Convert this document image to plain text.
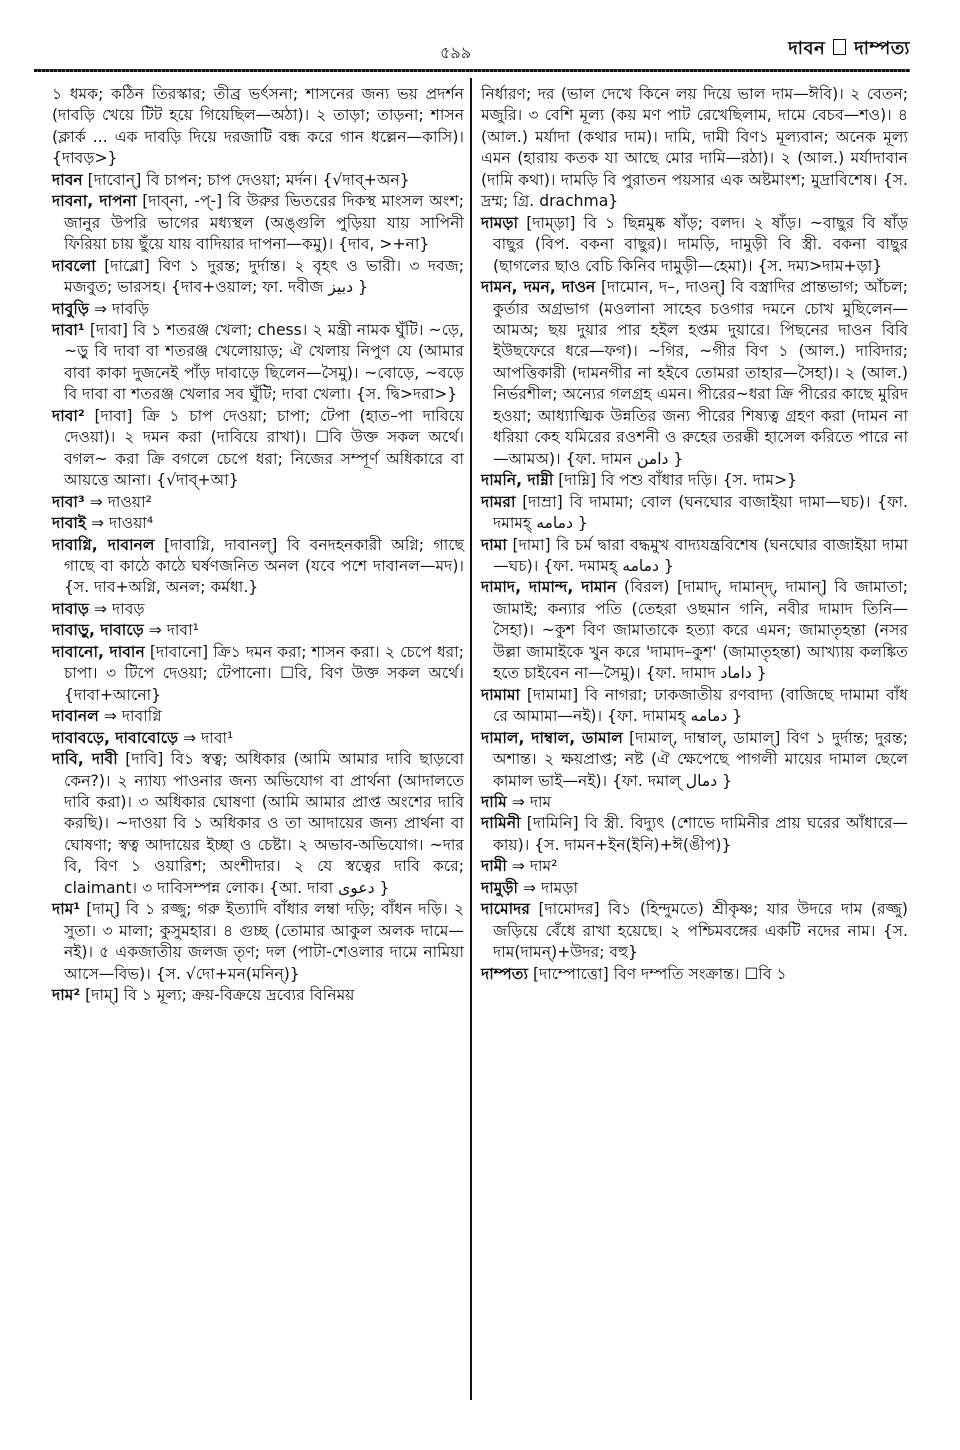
৫৯৯	দাবন দাম্পত্য

১ ধমক; কঠিন তিরস্কার; তীব্র ভর্ৎসনা; শাসনের জন্য ভয় প্রদর্শন (দাবড়ি খেয়ে টিট হয়ে গিয়েছিল—অঠা)। ২ তাড়া; তাড়না; শাসন (ক্লার্ক ... এক দাবড়ি দিয়ে দরজাটি বন্ধ করে গান ধল্লেন—কাসি)। {দাবড়>}

দাবন [দাবোন্] বি চাপন; চাপ দেওয়া; মর্দন। {√দাব্+অন}

দাবনা, দাপনা [দাব্না, -প্-] বি উরুর ভিতরের দিকস্থ মাংসল অংশ; জানুর উপরি ভাগের মধ্যস্থল (অঙ্গুলি পুড়িয়া যায় সাপিনী ফিরিয়া চায় ছুঁয়ে যায় বাদিয়ার দাপনা—কমু)। {দাব, >+না}

দাবলো [দাব্লো] বিণ ১ দুরন্ত; দুর্দান্ত। ২ বৃহৎ ও ভারী। ৩ দবজ; মজবুত; ভারসহ। {দাব+ওয়াল; ফা. দবীজ دبیز }

দাবুড়ি ⇒ দাবড়ি

দাবা¹ [দাবা] বি ১ শতরঞ্জ খেলা; chess। ২ মন্ত্রী নামক ঘুঁটি। ~ড়ে, ~ড়ু বি দাবা বা শতরঞ্জ খেলোয়াড়; ঐ খেলায় নিপুণ যে (আমার বাবা কাকা দুজনেই পাঁড় দাবাড়ে ছিলেন—সৈমু)। ~বোড়ে, ~বড়ে বি দাবা বা শতরঞ্জ খেলার সব ঘুঁটি; দাবা খেলা। {স. দ্বি>দরা>}

দাবা² [দাবা] ক্রি ১ চাপ দেওয়া; চাপা; টেপা (হাত–পা দাবিয়ে দেওয়া)। ২ দমন করা (দাবিয়ে রাখা)। ☐বি উক্ত সকল অর্থে। বগল~ করা ক্রি বগলে চেপে ধরা; নিজের সম্পূর্ণ অধিকারে বা আয়ত্তে আনা। {√দাব্+আ}

দাবা³ ⇒ দাওয়া²

দাবাই ⇒ দাওয়া⁴

দাবাগ্নি, দাবানল [দাবাগ্নি, দাবানল্] বি বনদহনকারী অগ্নি; গাছে গাছে বা কাঠে কাঠে ঘর্ষণজনিত অনল (যবে পশে দাবানল—মদ)। {স. দাব+অগ্নি, অনল; কর্মধা.}

দাবাড় ⇒ দাবড়

দাবাড়ু, দাবাড়ে ⇒ দাবা¹

দাবানো, দাবান [দাবানো] ক্রি১ দমন করা; শাসন করা। ২ চেপে ধরা; চাপা। ৩ টিপে দেওয়া; টেপানো। ☐বি, বিণ উক্ত সকল অর্থে। {দাবা+আনো}

দাবানল ⇒ দাবাগ্নি

দাবাবড়ে, দাবাবোড়ে ⇒ দাবা¹

দাবি, দাবী [দাবি] বি১ স্বত্ব; অধিকার (আমি আমার দাবি ছাড়বো কেন?)। ২ ন্যায্য পাওনার জন্য অভিযোগ বা প্রার্থনা (আদালতে দাবি করা)। ৩ অধিকার ঘোষণা (আমি আমার প্রাপ্ত অংশের দাবি করছি)। ~দাওয়া বি ১ অধিকার ও তা আদায়ের জন্য প্রার্থনা বা ঘোষণা; স্বত্ব আদায়ের ইচ্ছা ও চেষ্টা। ২ অভাব-অভিযোগ। ~দার বি, বিণ ১ ওয়ারিশ; অংশীদার। ২ যে স্বত্বের দাবি করে; claimant। ৩ দাবিসম্পন্ন লোক। {আ. দাবা دعوی }

দাম¹ [দাম্] বি ১ রজ্জু; গরু ইত্যাদি বাঁধার লম্বা দড়ি; বাঁধন দড়ি। ২ সুতা। ৩ মালা; কুসুমহার। ৪ গুচ্ছ (তোমার আকুল অলক দামে—নই)। ৫ একজাতীয় জলজ তৃণ; দল (পাটা-শেওলার দামে নামিয়া আসে—বিভ)। {স. √দো+মন(মনিন্)}

দাম² [দাম্] বি ১ মূল্য; ক্রয়-বিক্রয়ে দ্রব্যের বিনিময়

নির্ধারণ; দর (ভাল দেখে কিনে লয় দিয়ে ভাল দাম—ঈবি)। ২ বেতন; মজুরি। ৩ বেশি মূল্য (কয় মণ পাট রেখেছিলাম, দামে বেচব—শও)। ৪ (আল.) মর্যাদা (কথার দাম)। দামি, দামী বিণ১ মূল্যবান; অনেক মূল্য এমন (হারায় কতক যা আছে মোর দামি—রঠা)। ২ (আল.) মর্যাদাবান (দামি কথা)। দামড়ি বি পুরাতন পয়সার এক অষ্টমাংশ; মুদ্রাবিশেষ। {স. দ্রম্ম; গ্রি. drachma}

দামড়া [দাম্ড়া] বি ১ ছিন্নমুষ্ক ষাঁড়; বলদ। ২ ষাঁড়। ~বাছুর বি ষাঁড় বাছুর (বিপ. বকনা বাছুর)। দামড়ি, দামুড়ী বি স্ত্রী. বকনা বাছুর (ছাগলের ছাও বেচি কিনিব দামুড়ী—হেমা)। {স. দম্য>দাম+ড়া}

দামন, দমন, দাওন [দামোন, দ–, দাওন্] বি বস্ত্রাদির প্রান্তভাগ; আঁচল; কুর্তার অগ্রভাগ (মওলানা সাহেব চওগার দমনে চোখ মুছিলেন—আমঅ; ছয় দুয়ার পার হইল হপ্তম দুয়ারে। পিছনের দাওন বিবি ইউছফেরে ধরে—ফগ)। ~গির, ~গীর বিণ ১ (আল.) দাবিদার; আপত্তিকারী (দামনগীর না হইবে তোমরা তাহার—সৈহা)। ২ (আল.) নির্ভরশীল; অন্যের গলগ্রহ এমন। পীরের~ধরা ক্রি পীরের কাছে মুরিদ হওয়া; আধ্যাত্মিক উন্নতির জন্য পীরের শিষ্যত্ব গ্রহণ করা (দামন না ধরিয়া কেহ যমিরের রওশনী ও রুহের তরক্কী হাসেল করিতে পারে না—আমঅ)। {ফা. দামন دامن }

দামনি, দাম্নী [দাম্নি] বি পশু বাঁধার দড়ি। {স. দাম>}

দামরা [দাম্রা] বি দামামা; বোল (ঘনঘোর বাজাইয়া দামা—ঘচ)। {ফা. দমামহ্ دمامه }

দামা [দামা] বি চর্ম দ্বারা বদ্ধমুখ বাদ্যযন্ত্রবিশেষ (ঘনঘোর বাজাইয়া দামা—ঘচ)। {ফা. দমামহ্ دمامه }

দামাদ, দামান্দ, দামান (বিরল) [দামাদ্, দামান্দ্, দামান্] বি জামাতা; জামাই; কন্যার পতি (তেহরা ওছমান গনি, নবীর দামাদ তিনি—সৈহা)। ~কুশ বিণ জামাতাকে হত্যা করে এমন; জামাতৃহন্তা (নসর উল্লা জামাইকে খুন করে 'দামাদ–কুশ' (জামাতৃহন্তা) আখ্যায় কলঙ্কিত হতে চাইবেন না—সৈমু)। {ফা. দামাদ داماد }

দামামা [দামামা] বি নাগরা; ঢাকজাতীয় রণবাদ্য (বাজিছে দামামা বাঁধ রে আমামা—নই)। {ফা. দামামহ্ دمامه }

দামাল, দাম্বাল, ডামাল [দামাল্, দাম্বাল্, ডামাল্] বিণ ১ দুর্দান্ত; দুরন্ত; অশান্ত। ২ ক্ষয়প্রাপ্ত; নষ্ট (ঐ ক্ষেপেছে পাগলী মায়ের দামাল ছেলে কামাল ভাই—নই)। {ফা. দমাল্ دمال }

দামি ⇒ দাম

দামিনী [দামিনি] বি স্ত্রী. বিদ্যুৎ (শোভে দামিনীর প্রায় ঘরের আঁধারে—কায়)। {স. দামন+ইন(ইনি)+ঈ(ঙীপ)}

দামী ⇒ দাম²

দামুড়ী ⇒ দামড়া

দামোদর [দামোদর] বি১ (হিন্দুমতে) শ্রীকৃষ্ণ; যার উদরে দাম (রজ্জু) জড়িয়ে বেঁধে রাখা হয়েছে। ২ পশ্চিমবঙ্গের একটি নদের নাম। {স. দাম(দামন্)+উদর; বহু}

দাম্পত্য [দাম্পোত্তো] বিণ দম্পতি সংক্রান্ত। ☐বি ১
